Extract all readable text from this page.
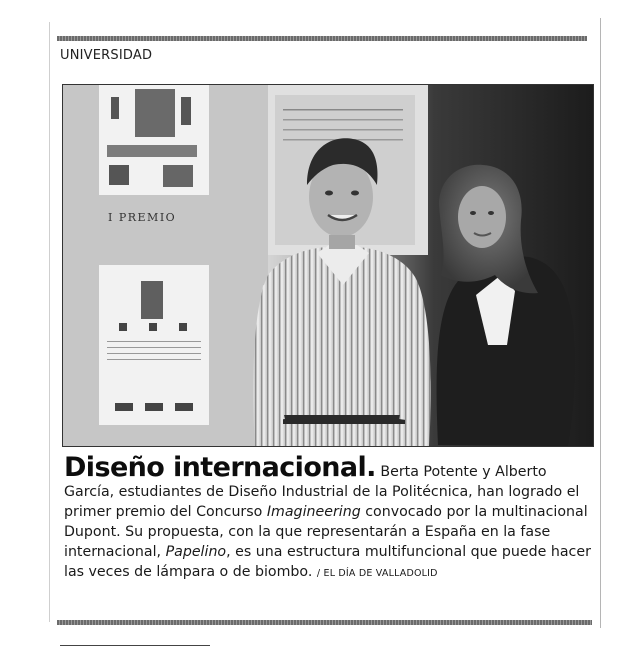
UNIVERSIDAD
I PREMIO
Diseño internacional. Berta Potente y Alberto García, estudiantes de Diseño Industrial de la Politécnica, han logrado el primer premio del Concurso Imagineering convocado por la multinacional Dupont. Su propuesta, con la que representarán a España en la fase internacional, Papelino, es una estructura multifuncional que puede hacer las veces de lámpara o de biombo. / EL DÍA DE VALLADOLID
